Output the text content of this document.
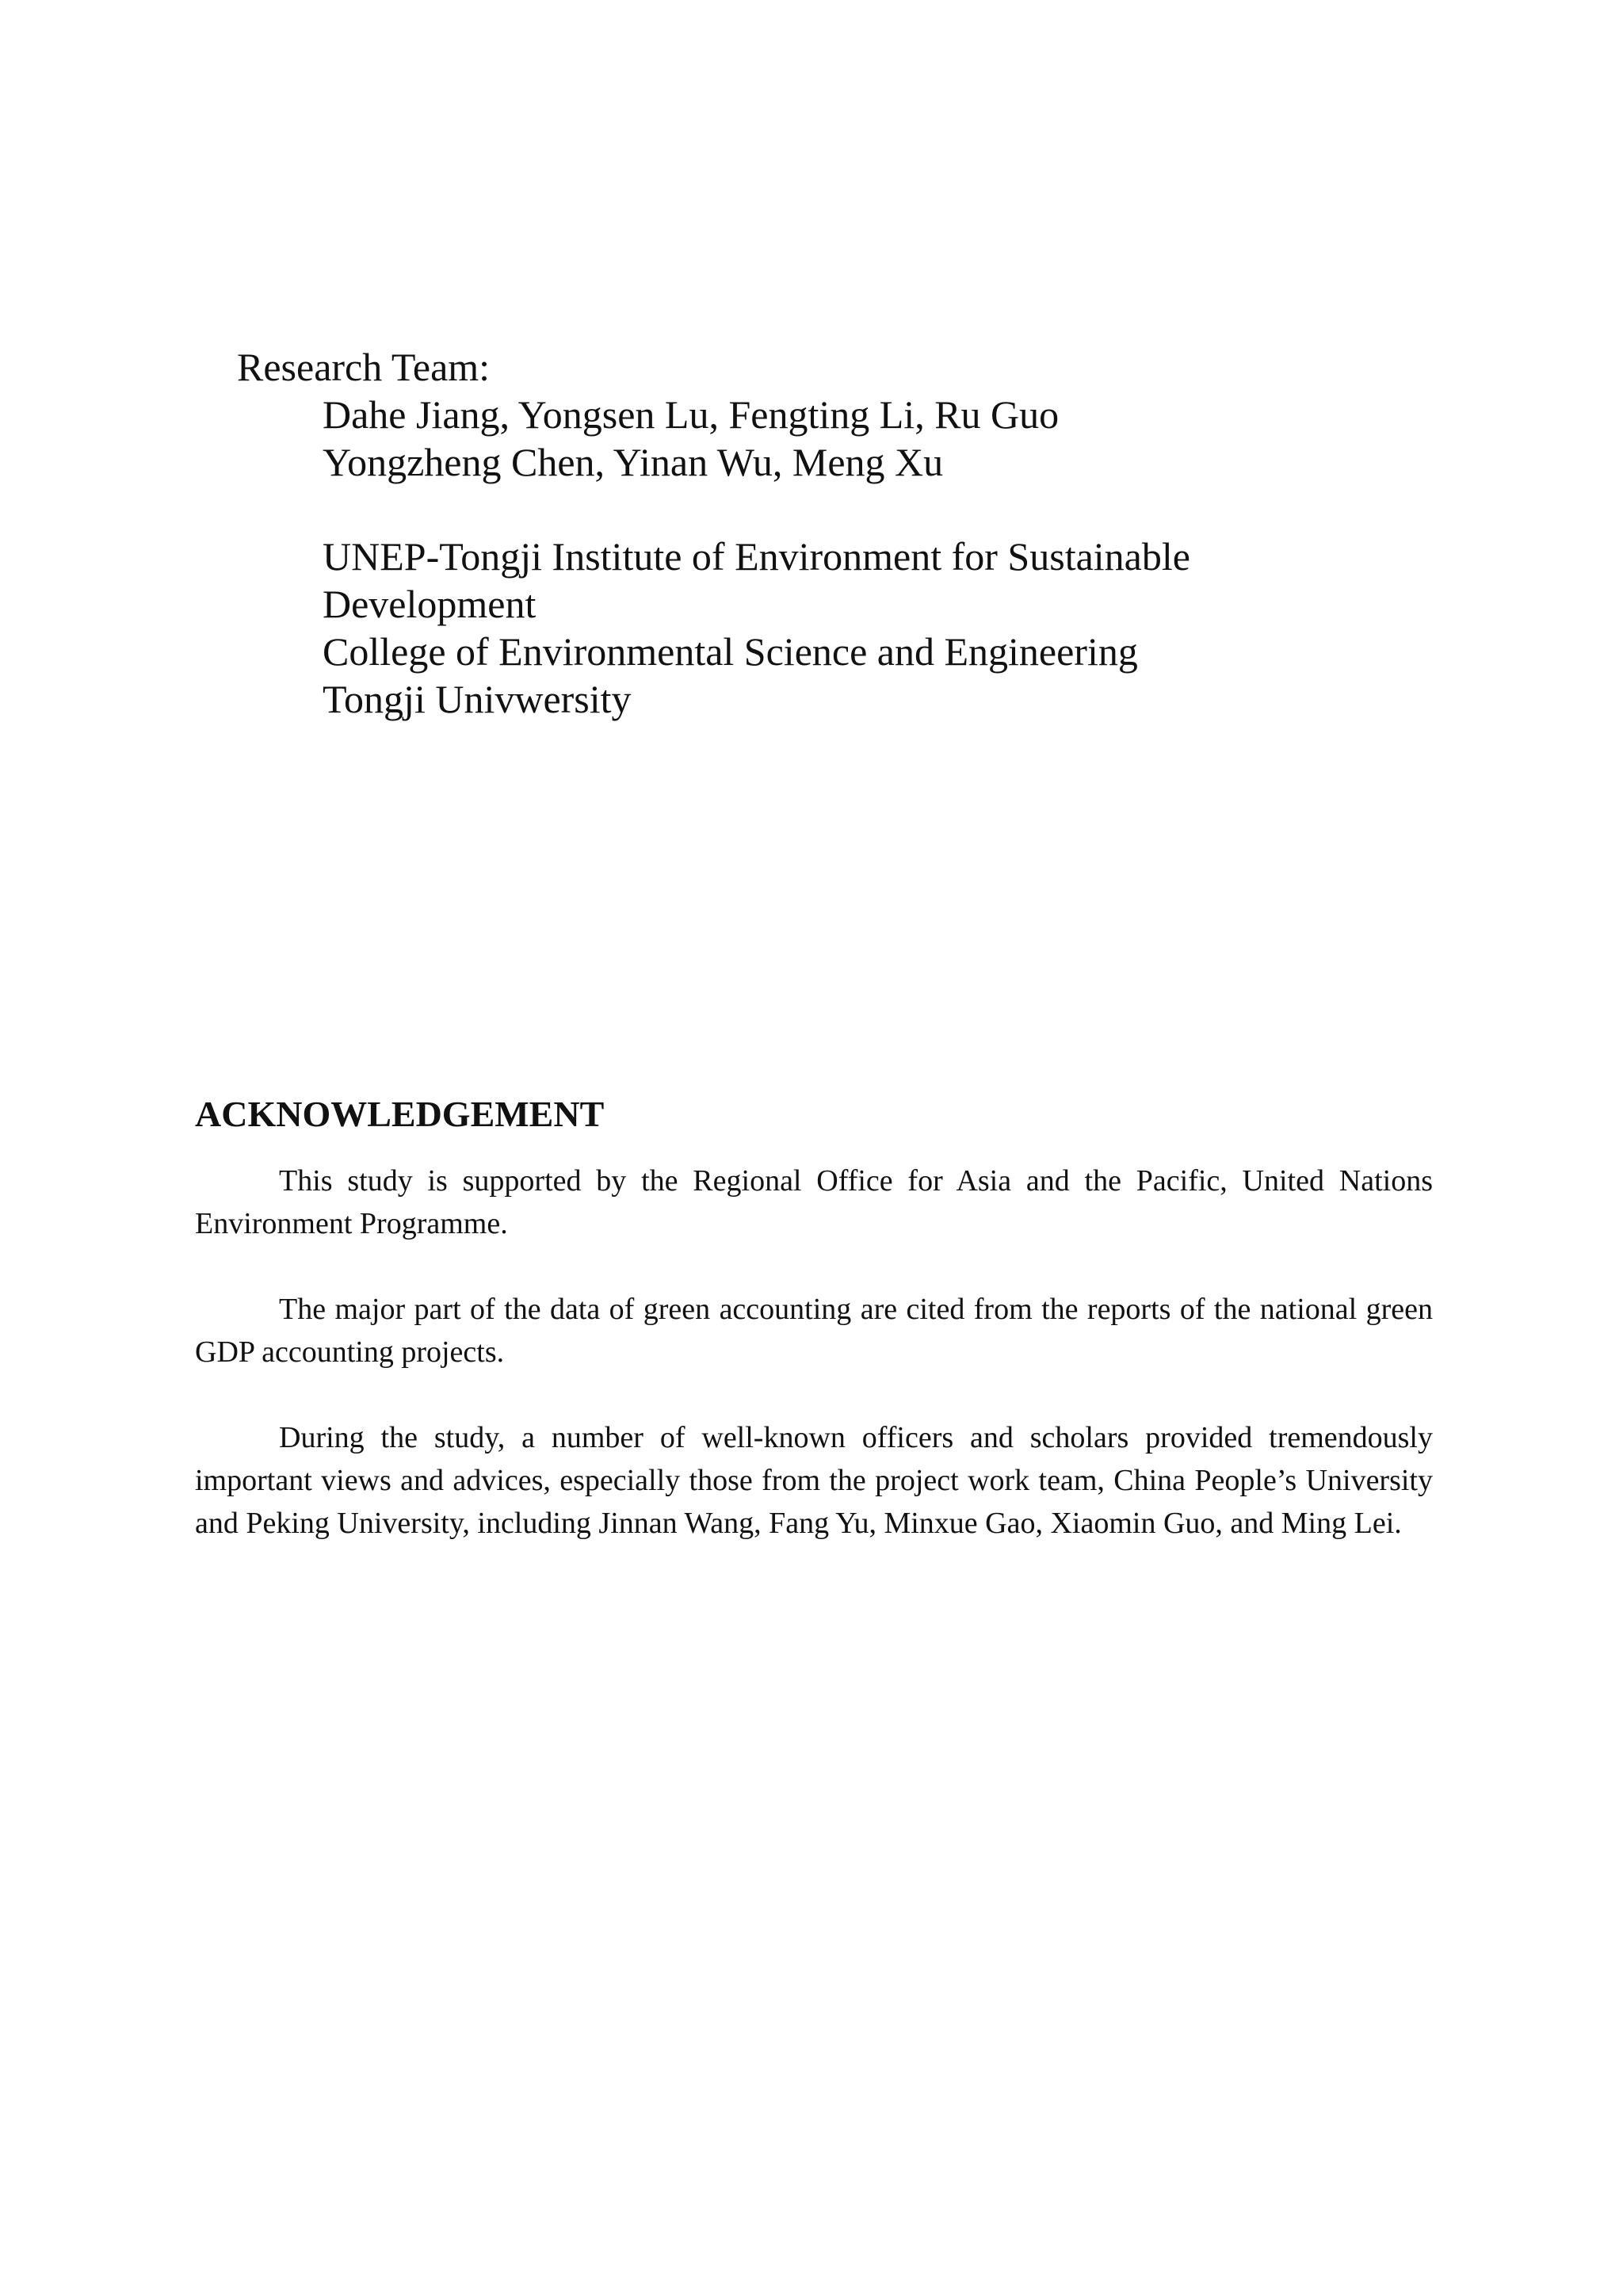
Research Team:
Dahe Jiang, Yongsen Lu, Fengting Li, Ru Guo
Yongzheng Chen, Yinan Wu, Meng Xu
UNEP-Tongji Institute of Environment for Sustainable
Development
College of Environmental Science and Engineering
Tongji Univwersity
ACKNOWLEDGEMENT

This study is supported by the Regional Office for Asia and the Pacific, United Nations Environment Programme.

The major part of the data of green accounting are cited from the reports of the national green GDP accounting projects.

During the study, a number of well-known officers and scholars provided tremendously important views and advices, especially those from the project work team, China People’s University and Peking University, including Jinnan Wang, Fang Yu, Minxue Gao, Xiaomin Guo, and Ming Lei.
